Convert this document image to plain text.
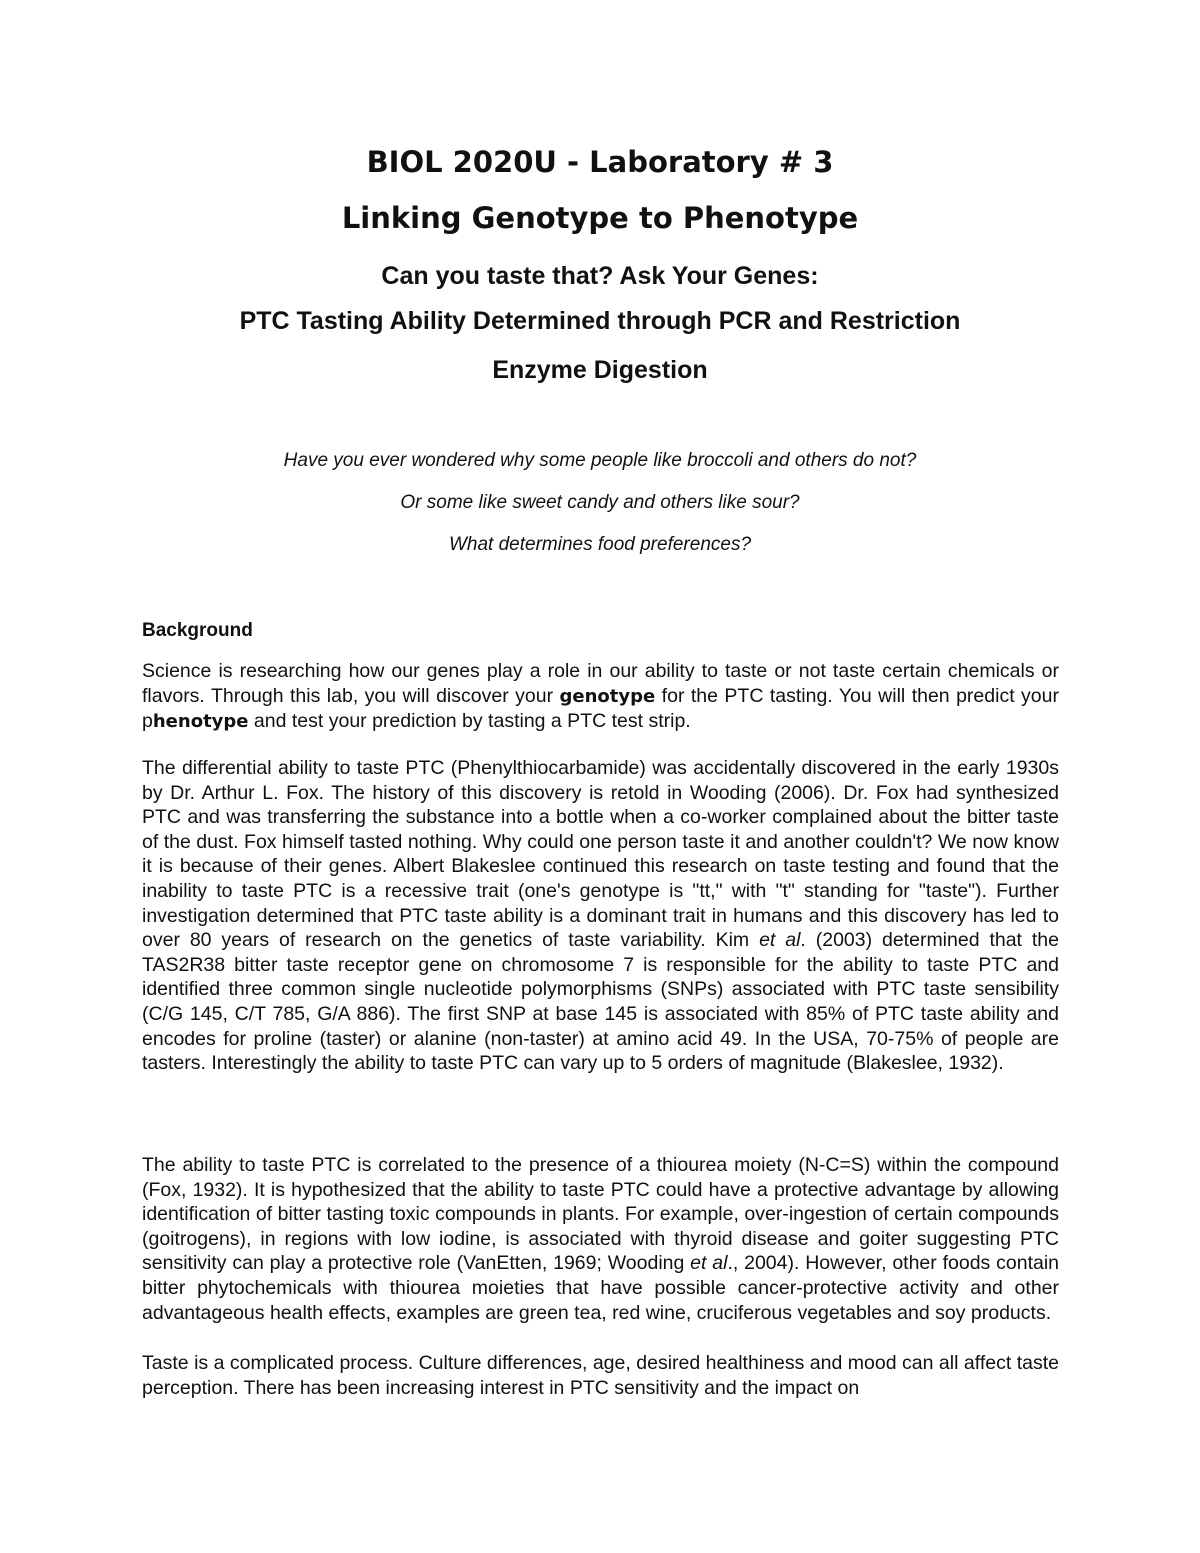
BIOL 2020U - Laboratory # 3
Linking Genotype to Phenotype
Can you taste that? Ask Your Genes:
PTC Tasting Ability Determined through PCR and Restriction
Enzyme Digestion
Have you ever wondered why some people like broccoli and others do not?
Or some like sweet candy and others like sour?
What determines food preferences?
Background
Science is researching how our genes play a role in our ability to taste or not taste certain chemicals or flavors. Through this lab, you will discover your genotype for the PTC tasting. You will then predict your phenotype and test your prediction by tasting a PTC test strip.
The differential ability to taste PTC (Phenylthiocarbamide) was accidentally discovered in the early 1930s by Dr. Arthur L. Fox. The history of this discovery is retold in Wooding (2006). Dr. Fox had synthesized PTC and was transferring the substance into a bottle when a co-worker complained about the bitter taste of the dust. Fox himself tasted nothing. Why could one person taste it and another couldn't? We now know it is because of their genes. Albert Blakeslee continued this research on taste testing and found that the inability to taste PTC is a recessive trait (one's genotype is "tt," with "t" standing for "taste"). Further investigation determined that PTC taste ability is a dominant trait in humans and this discovery has led to over 80 years of research on the genetics of taste variability. Kim et al. (2003) determined that the TAS2R38 bitter taste receptor gene on chromosome 7 is responsible for the ability to taste PTC and identified three common single nucleotide polymorphisms (SNPs) associated with PTC taste sensibility (C/G 145, C/T 785, G/A 886). The first SNP at base 145 is associated with 85% of PTC taste ability and encodes for proline (taster) or alanine (non-taster) at amino acid 49. In the USA, 70-75% of people are tasters. Interestingly the ability to taste PTC can vary up to 5 orders of magnitude (Blakeslee, 1932).
The ability to taste PTC is correlated to the presence of a thiourea moiety (N-C=S) within the compound (Fox, 1932). It is hypothesized that the ability to taste PTC could have a protective advantage by allowing identification of bitter tasting toxic compounds in plants. For example, over-ingestion of certain compounds (goitrogens), in regions with low iodine, is associated with thyroid disease and goiter suggesting PTC sensitivity can play a protective role (VanEtten, 1969; Wooding et al., 2004). However, other foods contain bitter phytochemicals with thiourea moieties that have possible cancer-protective activity and other advantageous health effects, examples are green tea, red wine, cruciferous vegetables and soy products.
Taste is a complicated process. Culture differences, age, desired healthiness and mood can all affect taste perception. There has been increasing interest in PTC sensitivity and the impact on
